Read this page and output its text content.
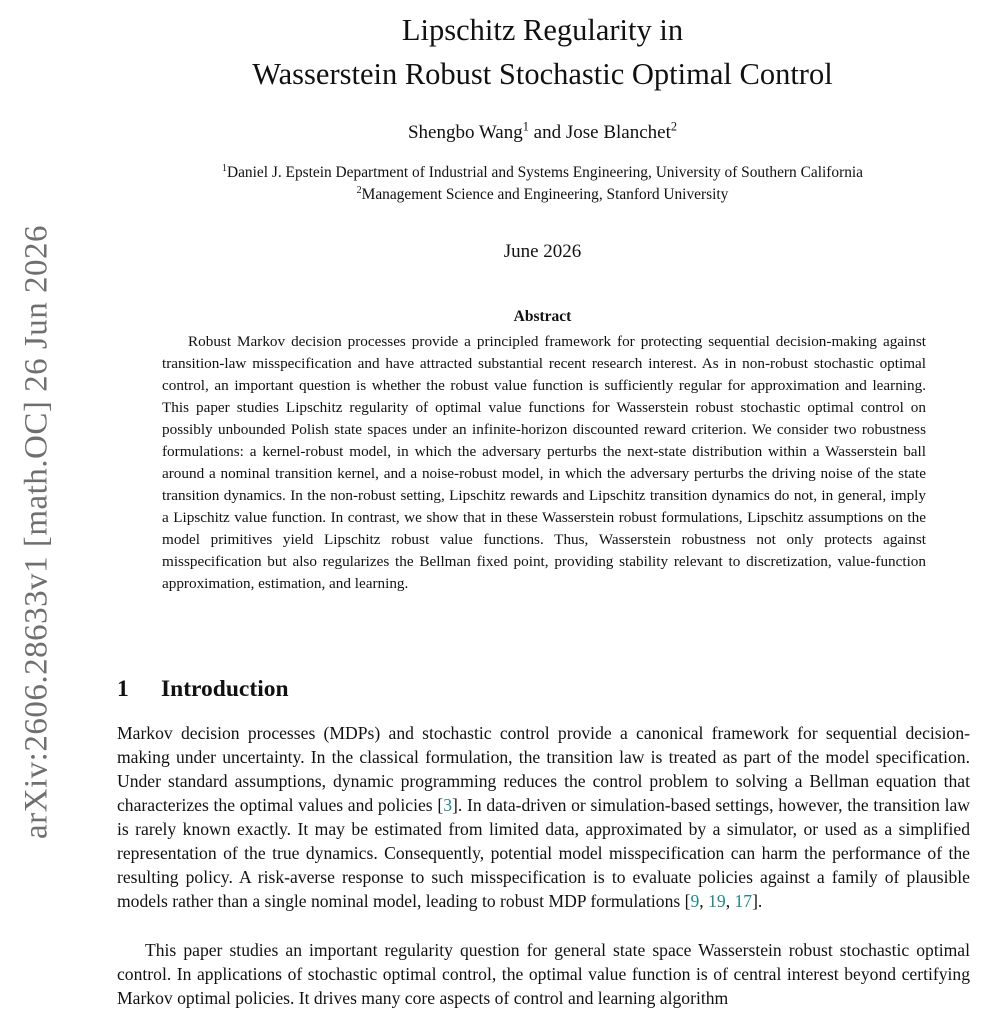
arXiv:2606.28633v1 [math.OC] 26 Jun 2026
Lipschitz Regularity in
Wasserstein Robust Stochastic Optimal Control
Shengbo Wang$^1$ and Jose Blanchet$^2$
$^1$Daniel J. Epstein Department of Industrial and Systems Engineering, University of Southern California
$^2$Management Science and Engineering, Stanford University
June 2026
Abstract

Robust Markov decision processes provide a principled framework for protecting sequential decision-making against transition-law misspecification and have attracted substantial recent research interest. As in non-robust stochastic optimal control, an important question is whether the robust value function is sufficiently regular for approximation and learning. This paper studies Lipschitz regularity of optimal value functions for Wasserstein robust stochastic optimal control on possibly unbounded Polish state spaces under an infinite-horizon discounted reward criterion. We consider two robustness formulations: a kernel-robust model, in which the adversary perturbs the next-state distribution within a Wasserstein ball around a nominal transition kernel, and a noise-robust model, in which the adversary perturbs the driving noise of the state transition dynamics. In the non-robust setting, Lipschitz rewards and Lipschitz transition dynamics do not, in general, imply a Lipschitz value function. In contrast, we show that in these Wasserstein robust formulations, Lipschitz assumptions on the model primitives yield Lipschitz robust value functions. Thus, Wasserstein robustness not only protects against misspecification but also regularizes the Bellman fixed point, providing stability relevant to discretization, value-function approximation, estimation, and learning.

1 Introduction

Markov decision processes (MDPs) and stochastic control provide a canonical framework for sequential decision-making under uncertainty. In the classical formulation, the transition law is treated as part of the model specification. Under standard assumptions, dynamic programming reduces the control problem to solving a Bellman equation that characterizes the optimal values and policies [3]. In data-driven or simulation-based settings, however, the transition law is rarely known exactly. It may be estimated from limited data, approximated by a simulator, or used as a simplified representation of the true dynamics. Consequently, potential model misspecification can harm the performance of the resulting policy. A risk-averse response to such misspecification is to evaluate policies against a family of plausible models rather than a single nominal model, leading to robust MDP formulations [9, 19, 17].

This paper studies an important regularity question for general state space Wasserstein robust stochastic optimal control. In applications of stochastic optimal control, the optimal value function is of central interest beyond certifying Markov optimal policies. It drives many core aspects of control and learning algorithm
